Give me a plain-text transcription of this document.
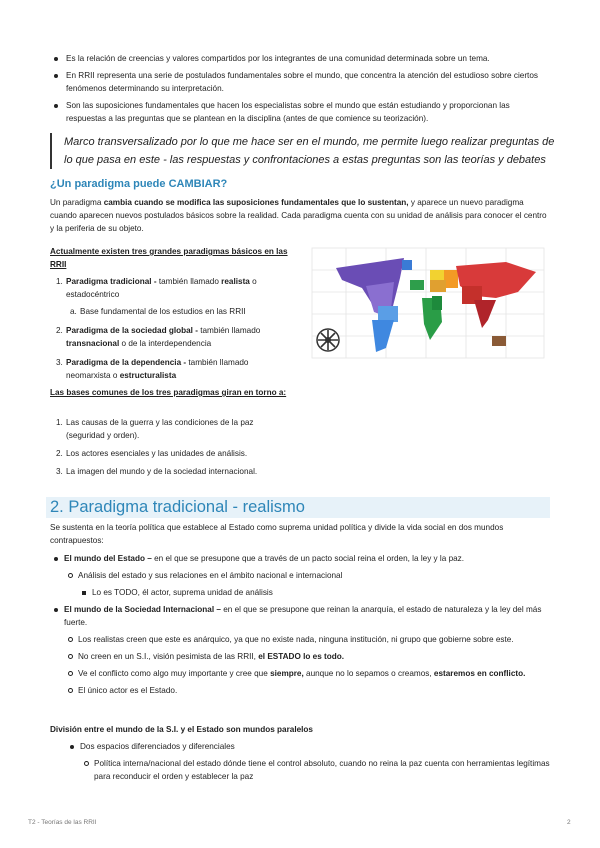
Es la relación de creencias y valores compartidos por los integrantes de una comunidad determinada sobre un tema.
En RRII representa una serie de postulados fundamentales sobre el mundo, que concentra la atención del estudioso sobre ciertos fenómenos determinando su interpretación.
Son las suposiciones fundamentales que hacen los especialistas sobre el mundo que están estudiando y proporcionan las respuestas a las preguntas que se plantean en la disciplina (antes de que comience su teorización).
Marco transversalizado por lo que me hace ser en el mundo, me permite luego realizar preguntas de lo que pasa en este - las respuestas y confrontaciones a estas preguntas son las teorías y debates
¿Un paradigma puede CAMBIAR?
Un paradigma cambia cuando se modifica las suposiciones fundamentales que lo sustentan, y aparece un nuevo paradigma cuando aparecen nuevos postulados básicos sobre la realidad. Cada paradigma cuenta con su unidad de análisis para conocer el centro y la periferia de su objeto.
Actualmente existen tres grandes paradigmas básicos en las RRII
1. Paradigma tradicional - también llamado realista o estadocéntrico
a. Base fundamental de los estudios en las RRII
2. Paradigma de la sociedad global - también llamado transnacional o de la interdependencia
3. Paradigma de la dependencia - también llamado neomarxista o estructuralista
Las bases comunes de los tres paradigmas giran en torno a:
1. Las causas de la guerra y las condiciones de la paz (seguridad y orden).
2. Los actores esenciales y las unidades de análisis.
3. La imagen del mundo y de la sociedad internacional.
2. Paradigma tradicional - realismo
Se sustenta en la teoría política que establece al Estado como suprema unidad política y divide la vida social en dos mundos contrapuestos:
El mundo del Estado – en el que se presupone que a través de un pacto social reina el orden, la ley y la paz.
Análisis del estado y sus relaciones en el ámbito nacional e internacional
Lo es TODO, él actor, suprema unidad de análisis
El mundo de la Sociedad Internacional – en el que se presupone que reinan la anarquía, el estado de naturaleza y la ley del más fuerte.
Los realistas creen que este es anárquico, ya que no existe nada, ninguna institución, ni grupo que gobierne sobre este.
No creen en un S.I., visión pesimista de las RRII, el ESTADO lo es todo.
Ve el conflicto como algo muy importante y cree que siempre, aunque no lo sepamos o creamos, estaremos en conflicto.
El único actor es el Estado.
División entre el mundo de la S.I. y el Estado son mundos paralelos
Dos espacios diferenciados y diferenciales
Política interna/nacional del estado dónde tiene el control absoluto, cuando no reina la paz cuenta con herramientas legítimas para reconducir el orden y establecer la paz
T2 - Teorías de las RRII	2
